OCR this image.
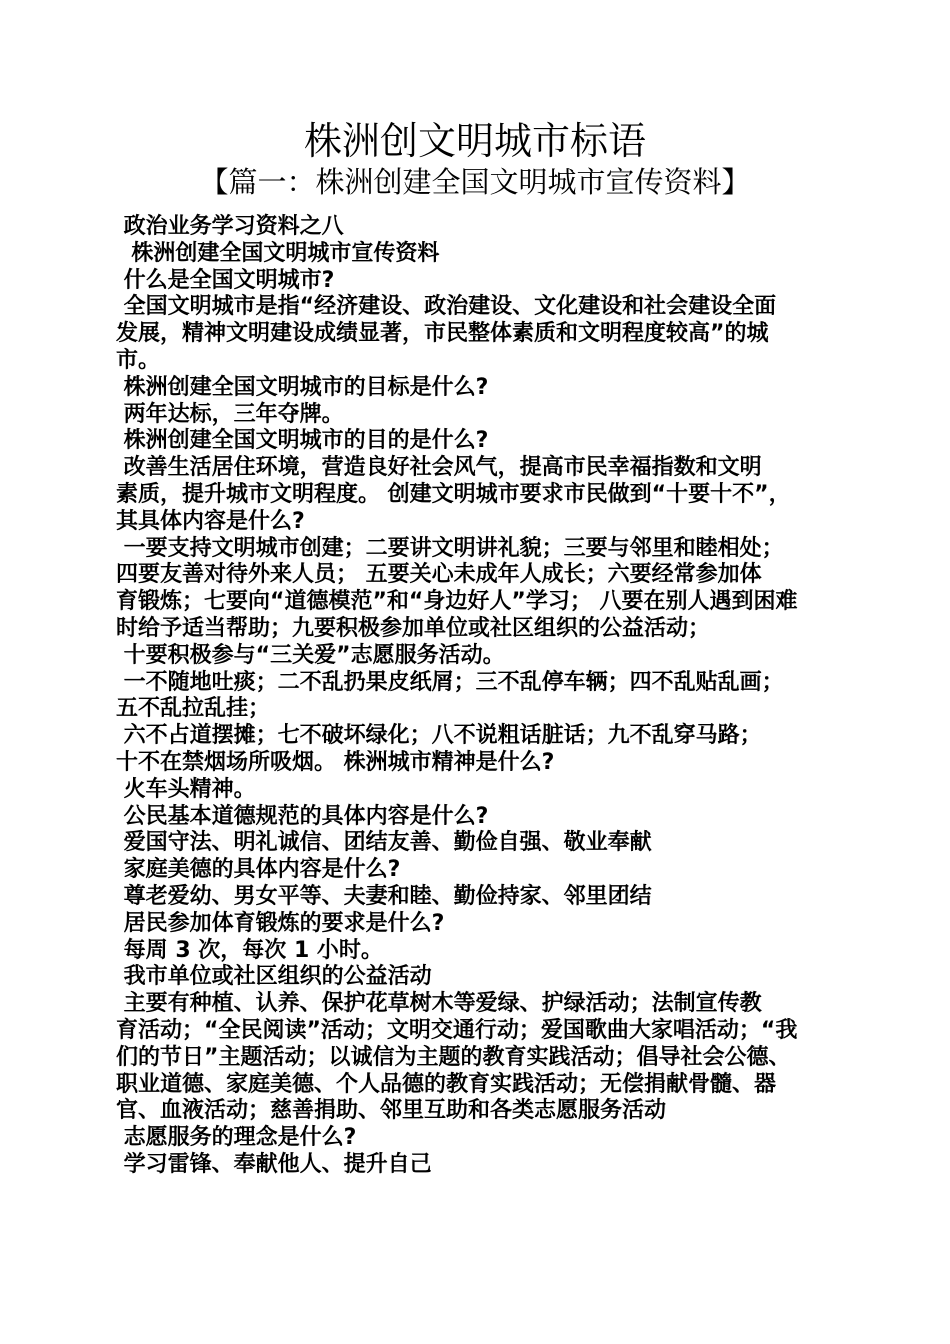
株洲创文明城市标语
【篇一：株洲创建全国文明城市宣传资料】

政治业务学习资料之八

株洲创建全国文明城市宣传资料

什么是全国文明城市?

全国文明城市是指“经济建设、政治建设、文化建设和社会建设全面

发展，精神文明建设成绩显著，市民整体素质和文明程度较高”的城

市。

株洲创建全国文明城市的目标是什么?

两年达标，三年夺牌。

株洲创建全国文明城市的目的是什么?

改善生活居住环境，营造良好社会风气，提高市民幸福指数和文明

素质，提升城市文明程度。 创建文明城市要求市民做到“十要十不”，

其具体内容是什么?

一要支持文明城市创建；二要讲文明讲礼貌；三要与邻里和睦相处；

四要友善对待外来人员； 五要关心未成年人成长；六要经常参加体

育锻炼；七要向“道德模范”和“身边好人”学习； 八要在别人遇到困难

时给予适当帮助；九要积极参加单位或社区组织的公益活动；

十要积极参与“三关爱”志愿服务活动。

一不随地吐痰；二不乱扔果皮纸屑；三不乱停车辆；四不乱贴乱画；

五不乱拉乱挂；

六不占道摆摊；七不破坏绿化；八不说粗话脏话；九不乱穿马路；

十不在禁烟场所吸烟。 株洲城市精神是什么?

火车头精神。

公民基本道德规范的具体内容是什么?

爱国守法、明礼诚信、团结友善、勤俭自强、敬业奉献

家庭美德的具体内容是什么?

尊老爱幼、男女平等、夫妻和睦、勤俭持家、邻里团结

居民参加体育锻炼的要求是什么?

每周 3 次，每次 1 小时。

我市单位或社区组织的公益活动

主要有种植、认养、保护花草树木等爱绿、护绿活动；法制宣传教

育活动；“全民阅读”活动；文明交通行动；爱国歌曲大家唱活动；“我

们的节日”主题活动；以诚信为主题的教育实践活动；倡导社会公德、

职业道德、家庭美德、个人品德的教育实践活动；无偿捐献骨髓、器

官、血液活动；慈善捐助、邻里互助和各类志愿服务活动

志愿服务的理念是什么?

学习雷锋、奉献他人、提升自己
